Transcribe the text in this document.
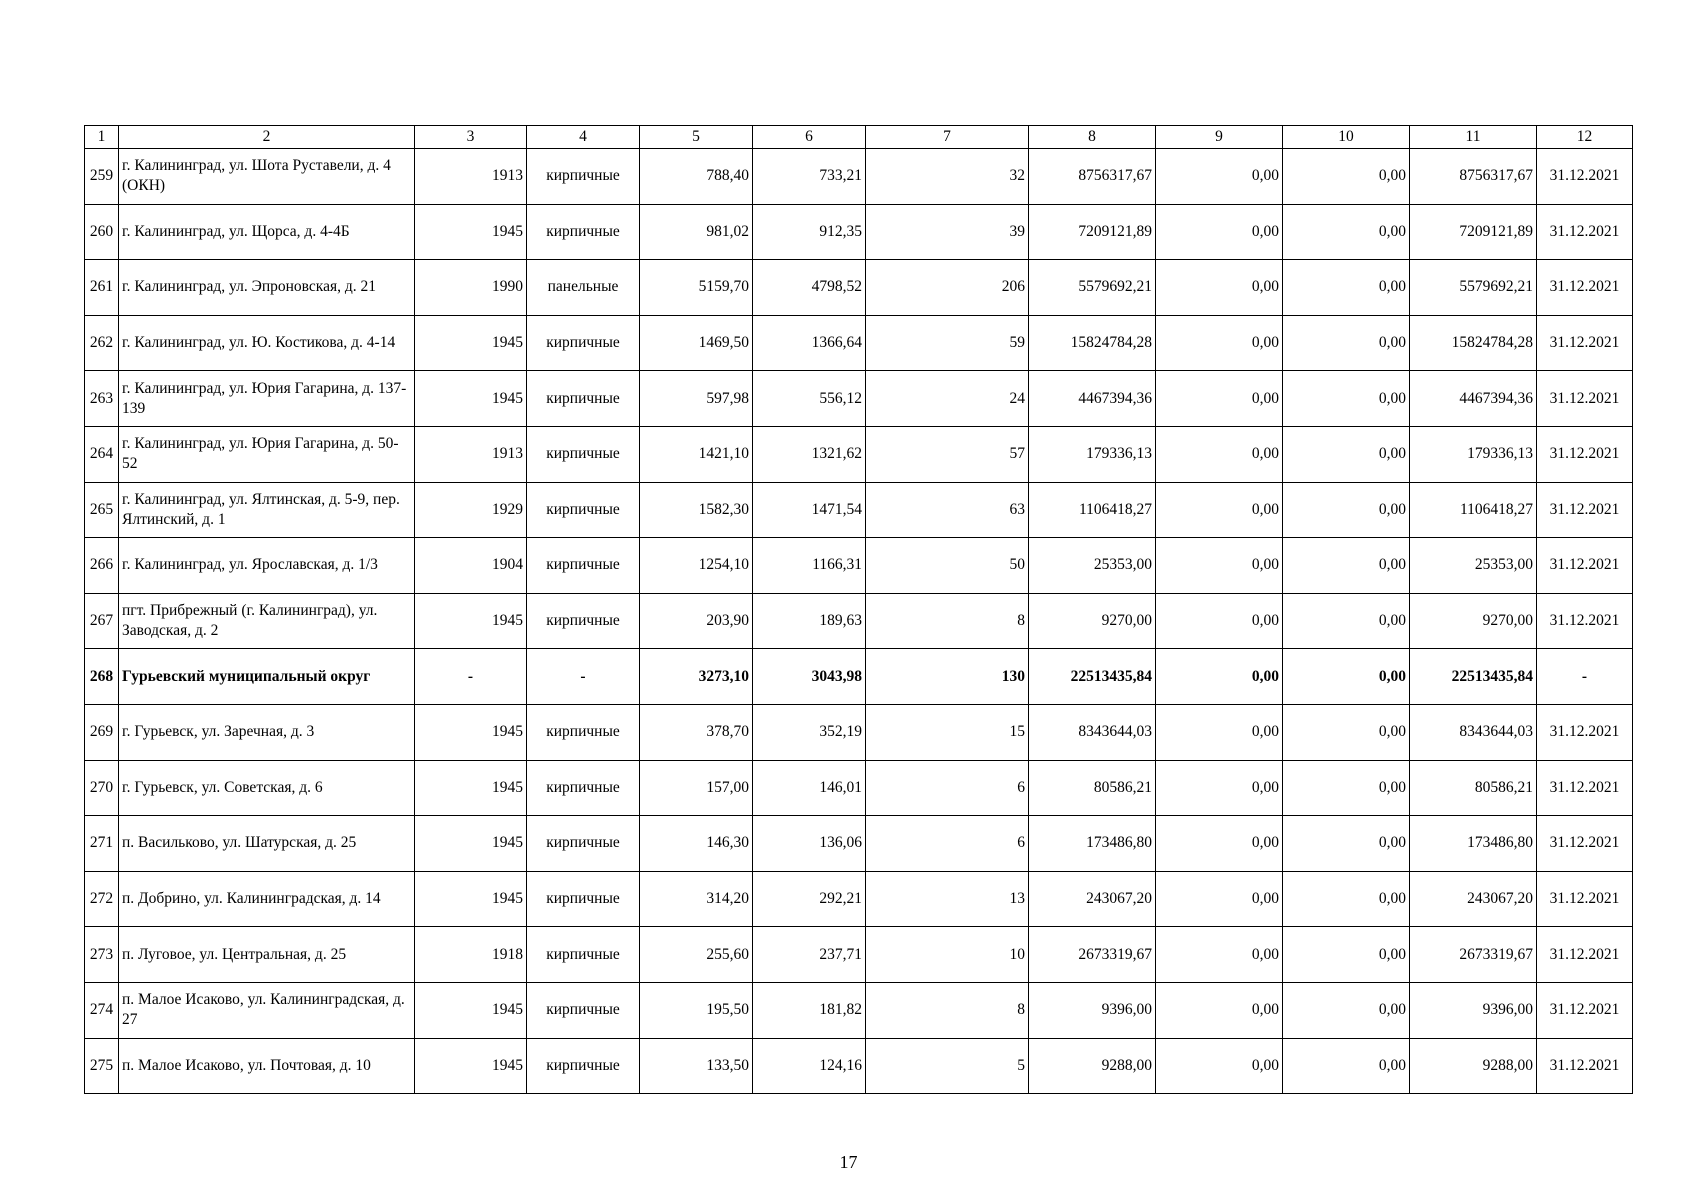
1	2	3	4	5	6	7	8	9	10	11	12
259	г. Калининград, ул. Шота Руставели, д. 4 (ОКН)	1913	кирпичные	788,40	733,21	32	8756317,67	0,00	0,00	8756317,67	31.12.2021
260	г. Калининград, ул. Щорса, д. 4-4Б	1945	кирпичные	981,02	912,35	39	7209121,89	0,00	0,00	7209121,89	31.12.2021
261	г. Калининград, ул. Эпроновская, д. 21	1990	панельные	5159,70	4798,52	206	5579692,21	0,00	0,00	5579692,21	31.12.2021
262	г. Калининград, ул. Ю. Костикова, д. 4-14	1945	кирпичные	1469,50	1366,64	59	15824784,28	0,00	0,00	15824784,28	31.12.2021
263	г. Калининград, ул. Юрия Гагарина, д. 137-139	1945	кирпичные	597,98	556,12	24	4467394,36	0,00	0,00	4467394,36	31.12.2021
264	г. Калининград, ул. Юрия Гагарина, д. 50-52	1913	кирпичные	1421,10	1321,62	57	179336,13	0,00	0,00	179336,13	31.12.2021
265	г. Калининград, ул. Ялтинская, д. 5-9, пер. Ялтинский, д. 1	1929	кирпичные	1582,30	1471,54	63	1106418,27	0,00	0,00	1106418,27	31.12.2021
266	г. Калининград, ул. Ярославская, д. 1/3	1904	кирпичные	1254,10	1166,31	50	25353,00	0,00	0,00	25353,00	31.12.2021
267	пгт. Прибрежный (г. Калининград), ул. Заводская, д. 2	1945	кирпичные	203,90	189,63	8	9270,00	0,00	0,00	9270,00	31.12.2021
268	Гурьевский муниципальный округ	-	-	3273,10	3043,98	130	22513435,84	0,00	0,00	22513435,84	-
269	г. Гурьевск, ул. Заречная, д. 3	1945	кирпичные	378,70	352,19	15	8343644,03	0,00	0,00	8343644,03	31.12.2021
270	г. Гурьевск, ул. Советская, д. 6	1945	кирпичные	157,00	146,01	6	80586,21	0,00	0,00	80586,21	31.12.2021
271	п. Васильково, ул. Шатурская, д. 25	1945	кирпичные	146,30	136,06	6	173486,80	0,00	0,00	173486,80	31.12.2021
272	п. Добрино, ул. Калининградская, д. 14	1945	кирпичные	314,20	292,21	13	243067,20	0,00	0,00	243067,20	31.12.2021
273	п. Луговое, ул. Центральная, д. 25	1918	кирпичные	255,60	237,71	10	2673319,67	0,00	0,00	2673319,67	31.12.2021
274	п. Малое Исаково, ул. Калининградская, д. 27	1945	кирпичные	195,50	181,82	8	9396,00	0,00	0,00	9396,00	31.12.2021
275	п. Малое Исаково, ул. Почтовая, д. 10	1945	кирпичные	133,50	124,16	5	9288,00	0,00	0,00	9288,00	31.12.2021
17
